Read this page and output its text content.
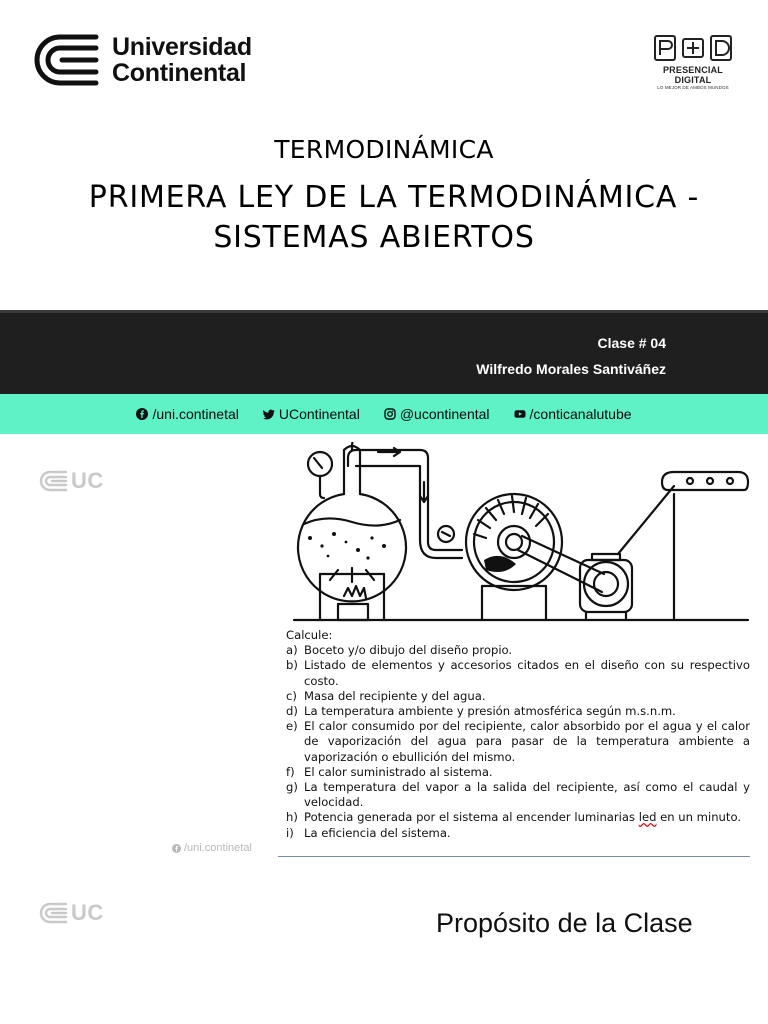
Universidad
Continental	PRESENCIAL DIGITAL
LO MEJOR DE AMBOS MUNDOS
TERMODINÁMICA
PRIMERA LEY DE LA TERMODINÁMICA -
SISTEMAS ABIERTOS
Clase # 04
Wilfredo Morales Santiváñez
/uni.continetal	UContinental	@ucontinental	/conticanalutube
UC
Calcule:
a) Boceto y/o dibujo del diseño propio.
b) Listado de elementos y accesorios citados en el diseño con su respectivo costo.
c) Masa del recipiente y del agua.
d) La temperatura ambiente y presión atmosférica según m.s.n.m.
e) El calor consumido por del recipiente, calor absorbido por el agua y el calor de vaporización del agua para pasar de la temperatura ambiente a vaporización o ebullición del mismo.
f) El calor suministrado al sistema.
g) La temperatura del vapor a la salida del recipiente, así como el caudal y velocidad.
h) Potencia generada por el sistema al encender luminarias led en un minuto.
i) La eficiencia del sistema.
/uni.continetal
UC	Propósito de la Clase
